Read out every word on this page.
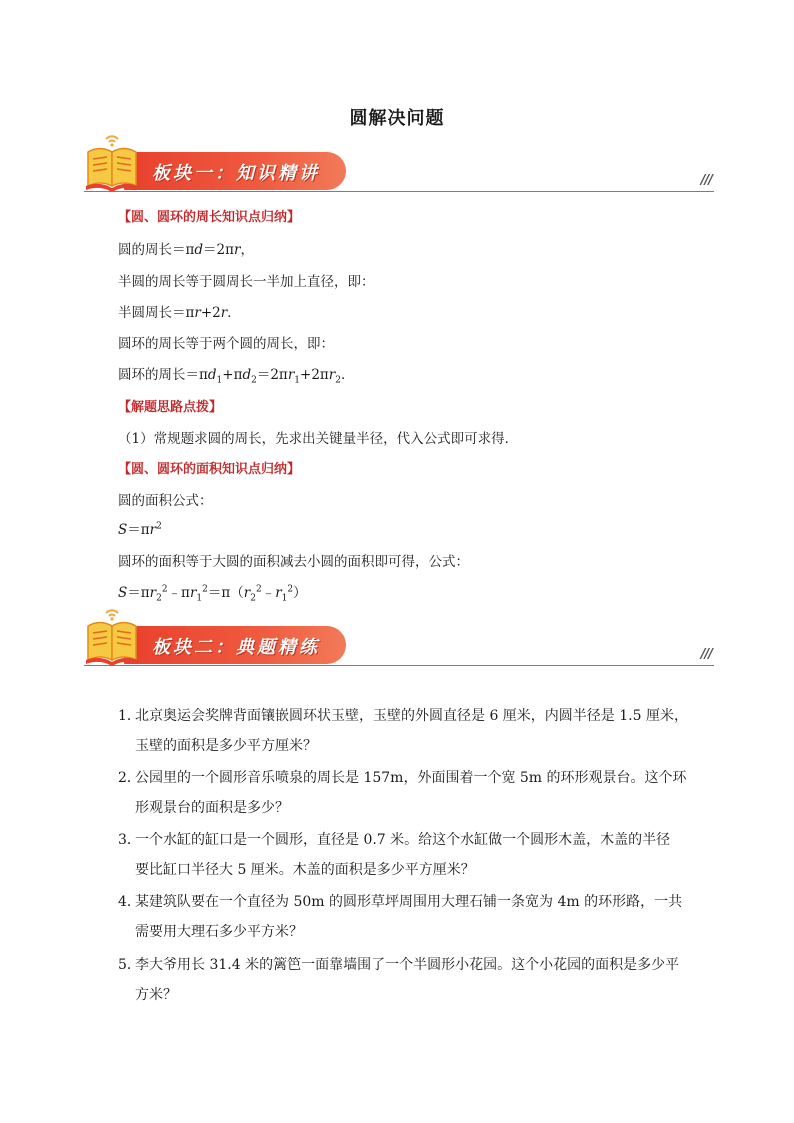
圆解决问题
板块一：知识精讲	///
【圆、圆环的周长知识点归纳】
圆的周长＝πd＝2πr，
半圆的周长等于圆周长一半加上直径，即：
半圆周长＝πr+2r．
圆环的周长等于两个圆的周长，即：
圆环的周长$=\pi d_1+\pi d_2=2\pi r_1+2\pi r_2$．
【解题思路点拨】
（1）常规题求圆的周长，先求出关键量半径，代入公式即可求得．
【圆、圆环的面积知识点归纳】
圆的面积公式：
$S=\pi r^2$
圆环的面积等于大圆的面积减去小圆的面积即可得，公式：
$S=\pi r_2^2﹣\pi r_1^2=\pi(r_2^2﹣r_1^2)$
板块二：典题精练	///
1．
北京奥运会奖牌背面镶嵌圆环状玉壁，玉壁的外圆直径是 6 厘米，内圆半径是 1.5 厘米，
玉壁的面积是多少平方厘米？
2．
公园里的一个圆形音乐喷泉的周长是 157m，外面围着一个宽 5m 的环形观景台。这个环
形观景台的面积是多少？
3．
一个水缸的缸口是一个圆形，直径是 0.7 米。给这个水缸做一个圆形木盖，木盖的半径
要比缸口半径大 5 厘米。木盖的面积是多少平方厘米？
4．
某建筑队要在一个直径为 50m 的圆形草坪周围用大理石铺一条宽为 4m 的环形路，一共
需要用大理石多少平方米？
5．
李大爷用长 31.4 米的篱笆一面靠墙围了一个半圆形小花园。这个小花园的面积是多少平
方米？
